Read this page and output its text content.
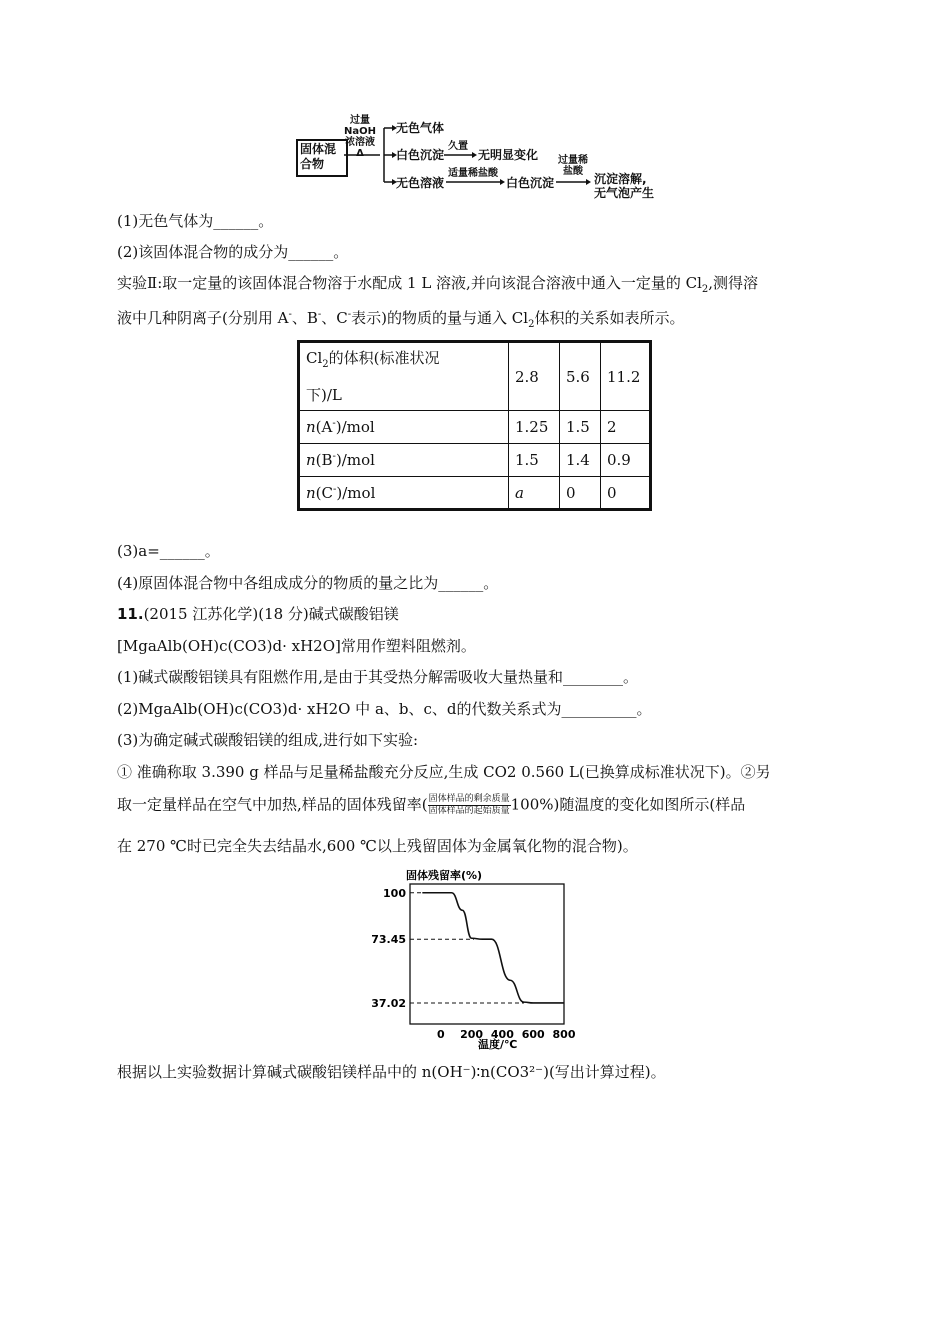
固体混合物
过量
NaOH
浓溶液
Δ
无色气体
白色沉淀
久置
无明显变化
无色溶液
适量稀盐酸
白色沉淀
过量稀
盐酸
沉淀溶解,
无气泡产生
(1)无色气体为______。
(2)该固体混合物的成分为______。
实验Ⅱ:取一定量的该固体混合物溶于水配成 1 L 溶液,并向该混合溶液中通入一定量的 $Cl_2$,测得溶
液中几种阴离子(分别用 A-、B-、C-表示)的物质的量与通入 $Cl_2$体积的关系如表所示。
$Cl_2$的体积(标准状况
下)/L	2.8	5.6	11.2
n(A-)/mol	1.25	1.5	2
n(B-)/mol	1.5	1.4	0.9
n(C-)/mol	a	0	0
(3)a=______。
(4)原固体混合物中各组成成分的物质的量之比为______。
11.(2015 江苏化学)(18 分)碱式碳酸铝镁
[MgaAlb(OH)c(CO3)d· xH2O]常用作塑料阻燃剂。
(1)碱式碳酸铝镁具有阻燃作用,是由于其受热分解需吸收大量热量和________。
(2)MgaAlb(OH)c(CO3)d· xH2O 中 a、b、c、d的代数关系式为__________。
(3)为确定碱式碳酸铝镁的组成,进行如下实验:
① 准确称取 3.390 g 样品与足量稀盐酸充分反应,生成 CO2 0.560 L(已换算成标准状况下)。②另
取一定量样品在空气中加热,样品的固体残留率( $\frac{\text{固体样品的剩余质量}}{\text{固体样品的起始质量}} 100\%$)随温度的变化如图所示(样品
在 270 ℃时已完全失去结晶水,600 ℃以上残留固体为金属氧化物的混合物)。
固体残留率(%)
100
73.45
37.02
0 200 400 600 800
温度/℃
根据以上实验数据计算碱式碳酸铝镁样品中的 n(OH⁻)∶n(CO3²⁻)(写出计算过程)。
